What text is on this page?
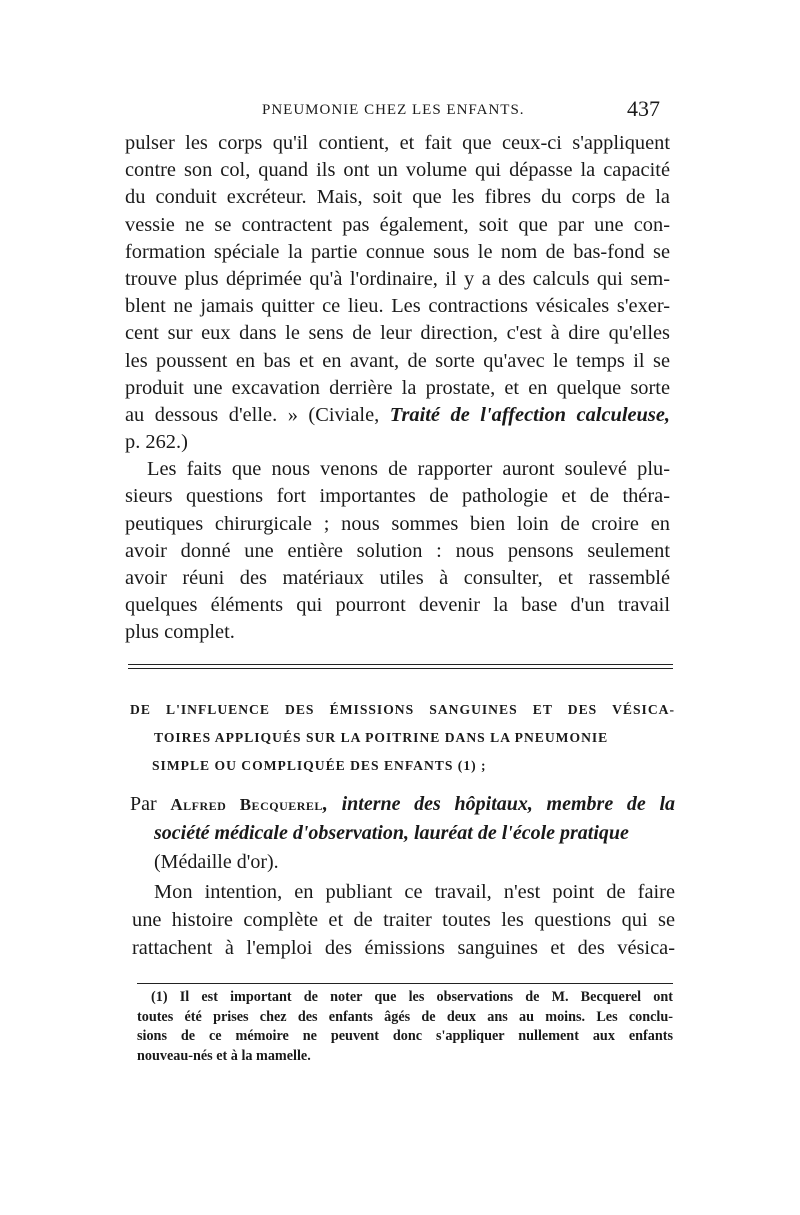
PNEUMONIE CHEZ LES ENFANTS.	437
pulser les corps qu'il contient, et fait que ceux-ci s'appliquent
contre son col, quand ils ont un volume qui dépasse la capacité
du conduit excréteur. Mais, soit que les fibres du corps de la
vessie ne se contractent pas également, soit que par une con-
formation spéciale la partie connue sous le nom de bas-fond se
trouve plus déprimée qu'à l'ordinaire, il y a des calculs qui sem-
blent ne jamais quitter ce lieu. Les contractions vésicales s'exer-
cent sur eux dans le sens de leur direction, c'est à dire qu'elles
les poussent en bas et en avant, de sorte qu'avec le temps il se
produit une excavation derrière la prostate, et en quelque sorte
au dessous d'elle. » (Civiale, Traité de l'affection calculeuse,
p. 262.)
Les faits que nous venons de rapporter auront soulevé plu-
sieurs questions fort importantes de pathologie et de théra-
peutiques chirurgicale ; nous sommes bien loin de croire en
avoir donné une entière solution : nous pensons seulement
avoir réuni des matériaux utiles à consulter, et rassemblé
quelques éléments qui pourront devenir la base d'un travail
plus complet.
DE L'INFLUENCE DES ÉMISSIONS SANGUINES ET DES VÉSICA-
TOIRES APPLIQUÉS SUR LA POITRINE DANS LA PNEUMONIE
SIMPLE OU COMPLIQUÉE DES ENFANTS (1) ;
Par Alfred Becquerel, interne des hôpitaux, membre de la
société médicale d'observation, lauréat de l'école pratique
(Médaille d'or).
Mon intention, en publiant ce travail, n'est point de faire
une histoire complète et de traiter toutes les questions qui se
rattachent à l'emploi des émissions sanguines et des vésica-
(1) Il est important de noter que les observations de M. Becquerel ont
toutes été prises chez des enfants âgés de deux ans au moins. Les conclu-
sions de ce mémoire ne peuvent donc s'appliquer nullement aux enfants
nouveau-nés et à la mamelle.
